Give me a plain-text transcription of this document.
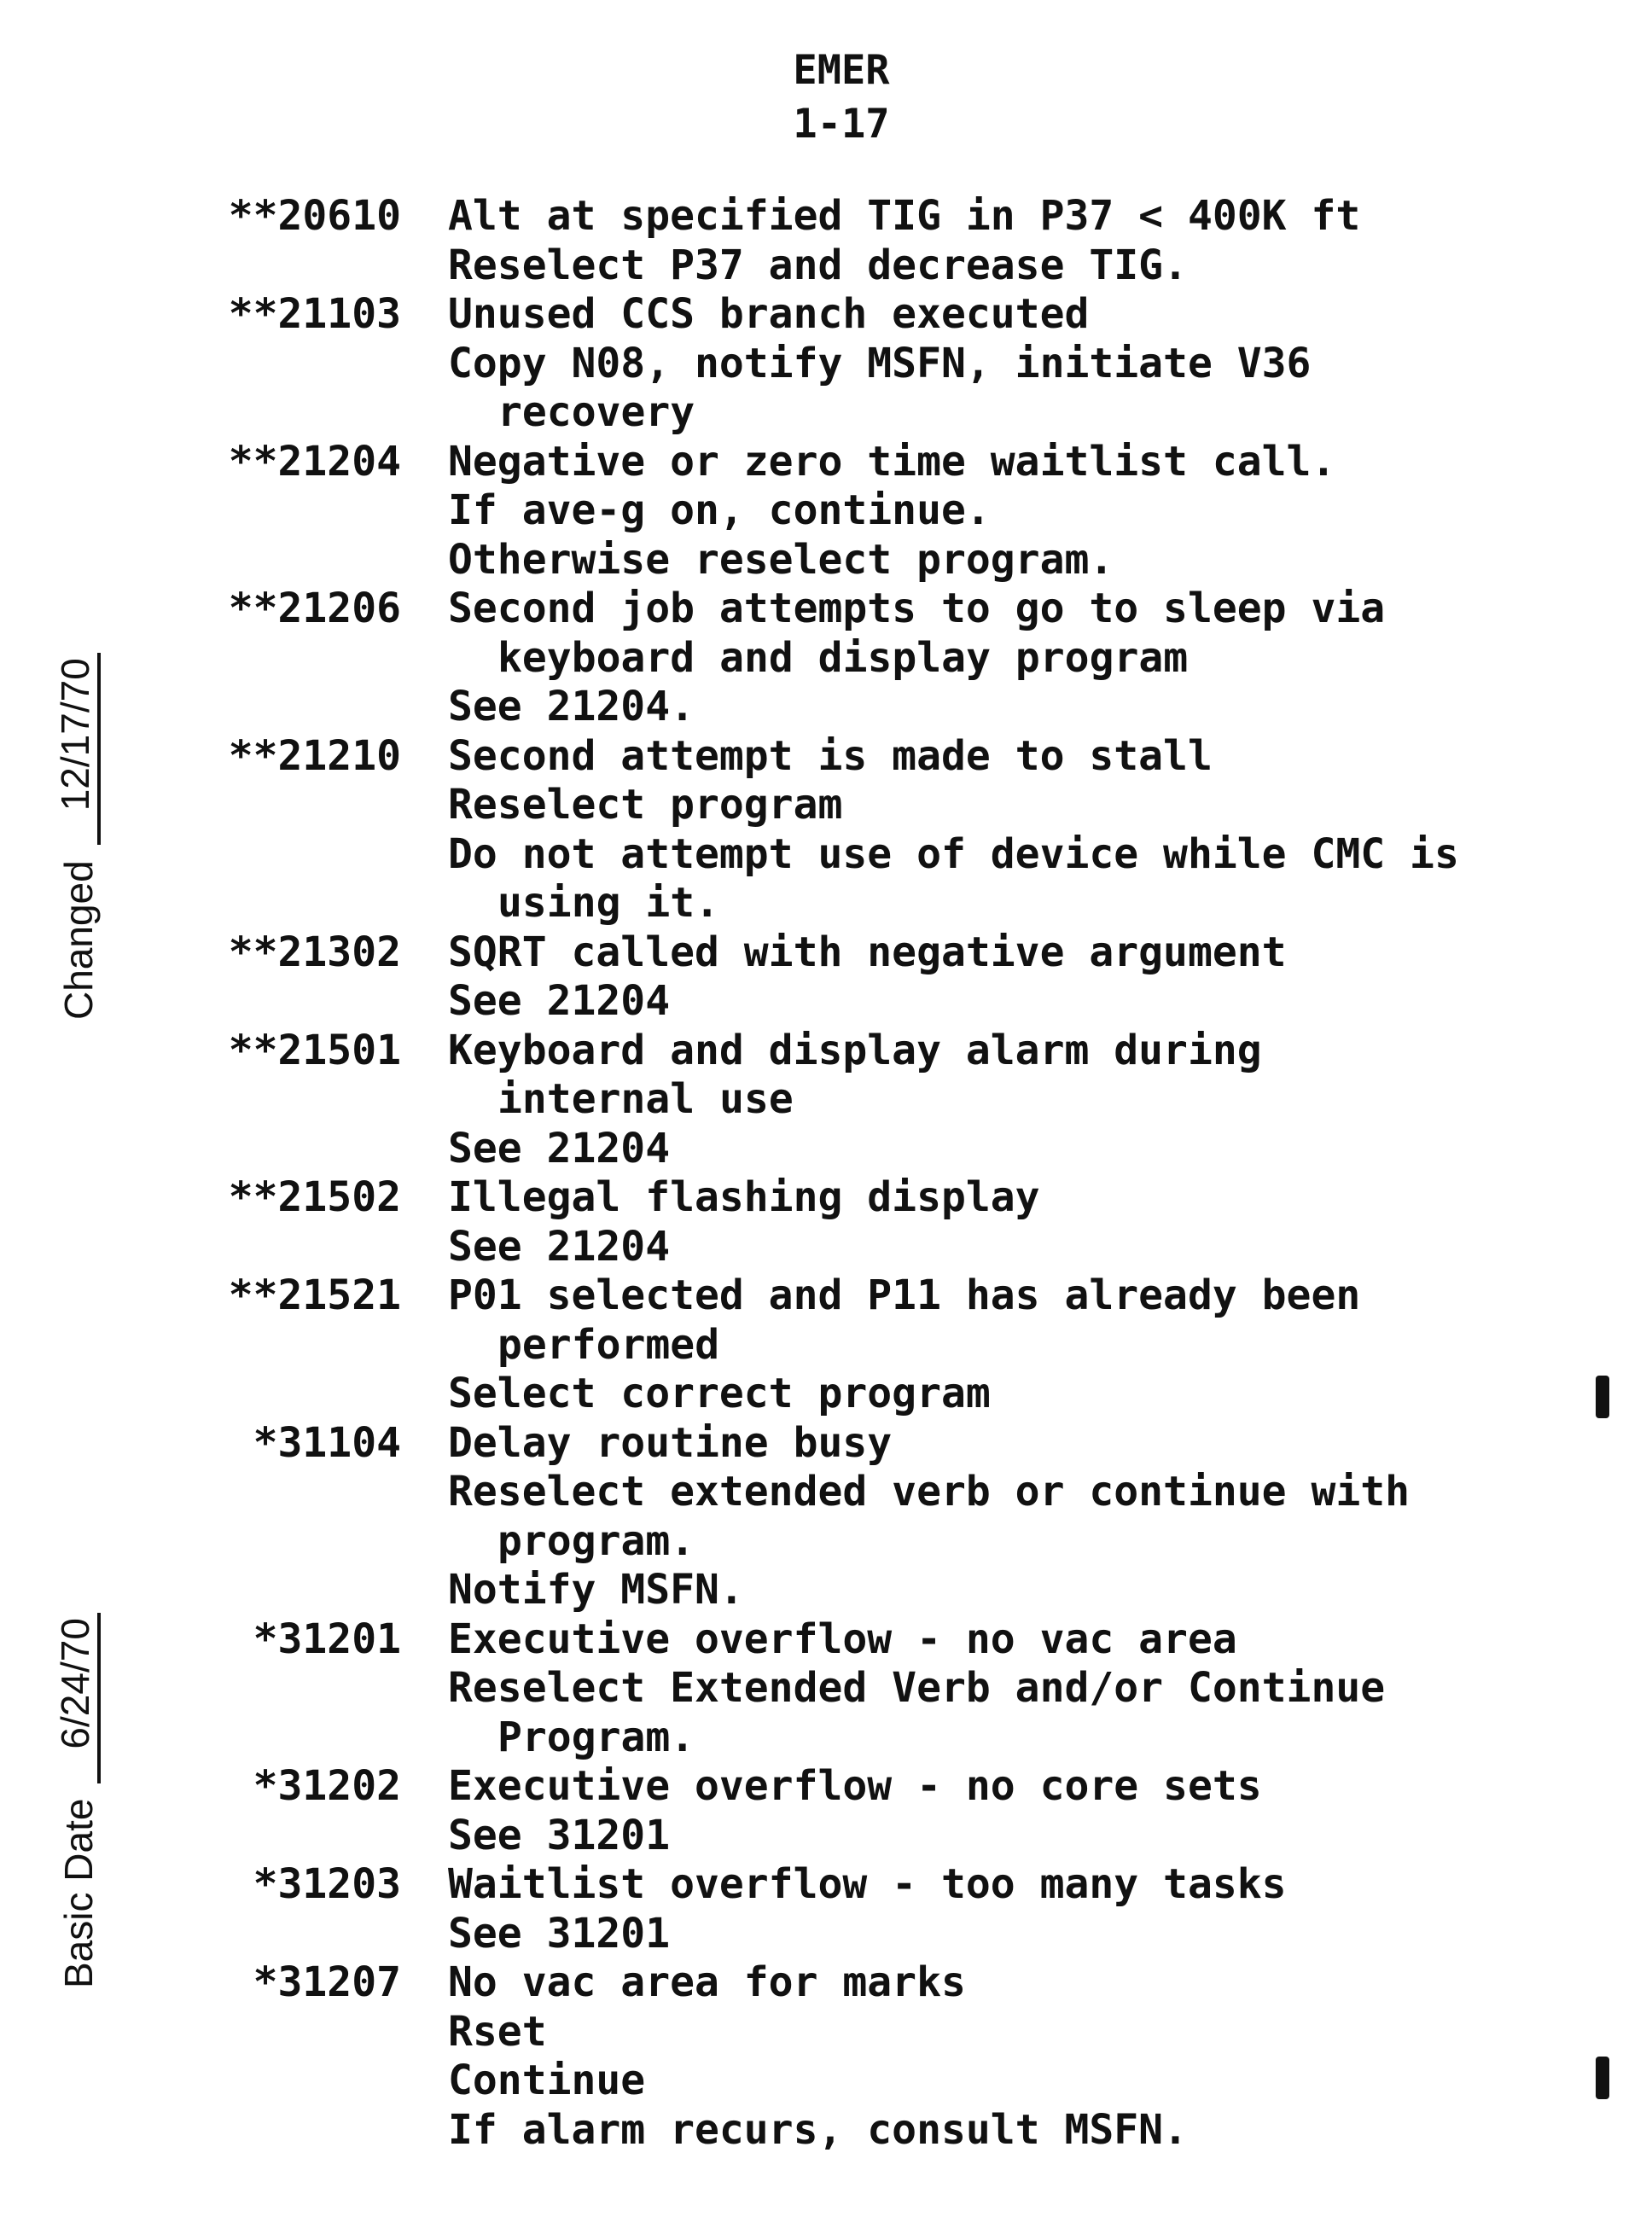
EMER
1-17
Changed
12/17/70
Basic Date
6/24/70
**20610 Alt at specified TIG in P37 < 400K ft
Reselect P37 and decrease TIG.
**21103 Unused CCS branch executed
Copy N08, notify MSFN, initiate V36
recovery
**21204 Negative or zero time waitlist call.
If ave-g on, continue.
Otherwise reselect program.
**21206 Second job attempts to go to sleep via
keyboard and display program
See 21204.
**21210 Second attempt is made to stall
Reselect program
Do not attempt use of device while CMC is
using it.
**21302 SQRT called with negative argument
See 21204
**21501 Keyboard and display alarm during
internal use
See 21204
**21502 Illegal flashing display
See 21204
**21521 P01 selected and P11 has already been
performed
Select correct program
*31104 Delay routine busy
Reselect extended verb or continue with
program.
Notify MSFN.
*31201 Executive overflow - no vac area
Reselect Extended Verb and/or Continue
Program.
*31202 Executive overflow - no core sets
See 31201
*31203 Waitlist overflow - too many tasks
See 31201
*31207 No vac area for marks
Rset
Continue
If alarm recurs, consult MSFN.
